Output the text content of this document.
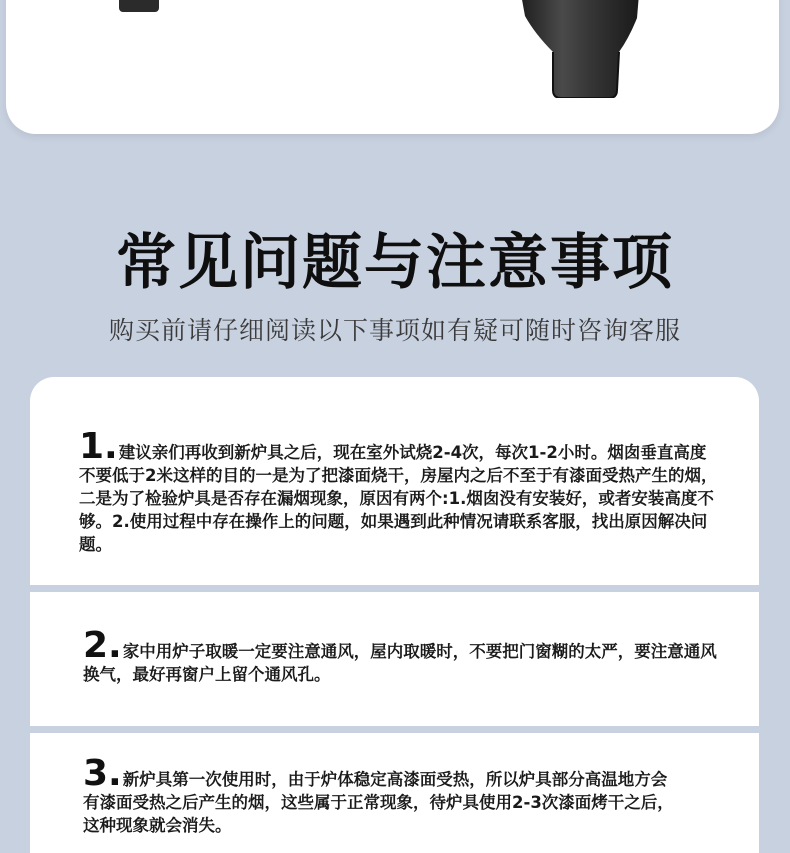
常见问题与注意事项
购买前请仔细阅读以下事项如有疑可随时咨询客服
1.建议亲们再收到新炉具之后，现在室外试烧2-4次，每次1-2小时。烟囱垂直高度不要低于2米这样的目的一是为了把漆面烧干，房屋内之后不至于有漆面受热产生的烟，二是为了检验炉具是否存在漏烟现象，原因有两个:1.烟囱没有安装好，或者安装高度不够。2.使用过程中存在操作上的问题，如果遇到此种情况请联系客服，找出原因解决问题。
2.家中用炉子取暖一定要注意通风，屋内取暖时，不要把门窗糊的太严，要注意通风换气，最好再窗户上留个通风孔。
3.新炉具第一次使用时，由于炉体稳定高漆面受热，所以炉具部分高温地方会有漆面受热之后产生的烟，这些属于正常现象，待炉具使用2-3次漆面烤干之后，这种现象就会消失。
